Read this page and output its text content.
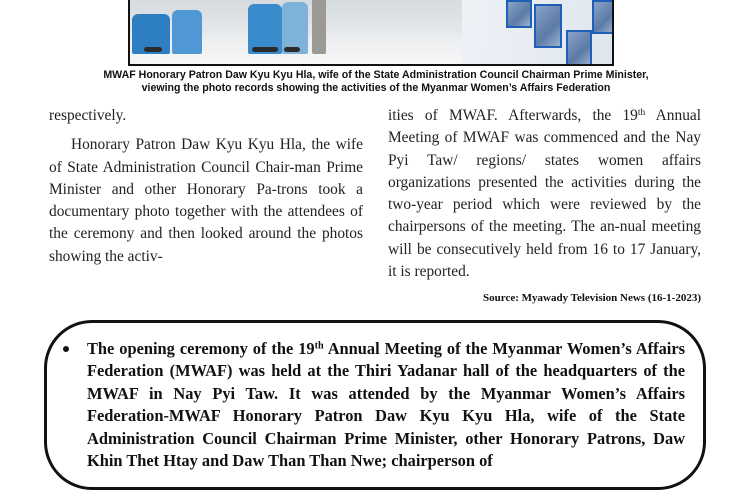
MWAF Honorary Patron Daw Kyu Kyu Hla, wife of the State Administration Council Chairman Prime Minister,
viewing the photo records showing the activities of the Myanmar Women’s Affairs Federation

respectively.

Honorary Patron Daw Kyu Kyu Hla, the wife of State Administration Council Chair-man Prime Minister and other Honorary Pa-trons took a documentary photo together with the attendees of the ceremony and then looked around the photos showing the activ-

ities of MWAF. Afterwards, the 19th Annual Meeting of MWAF was commenced and the Nay Pyi Taw/ regions/ states women affairs organizations presented the activities during the two-year period which were reviewed by the chairpersons of the meeting. The an-nual meeting will be consecutively held from 16 to 17 January, it is reported.

Source: Myawady Television News (16-1-2023)
The opening ceremony of the 19th Annual Meeting of the Myanmar Women’s Affairs Federation (MWAF) was held at the Thiri Yadanar hall of the headquarters of the MWAF in Nay Pyi Taw. It was attended by the Myanmar Women’s Affairs Federation-MWAF Honorary Patron Daw Kyu Kyu Hla, wife of the State Administration Council Chairman Prime Minister, other Honorary Patrons, Daw Khin Thet Htay and Daw Than Than Nwe; chairperson of
